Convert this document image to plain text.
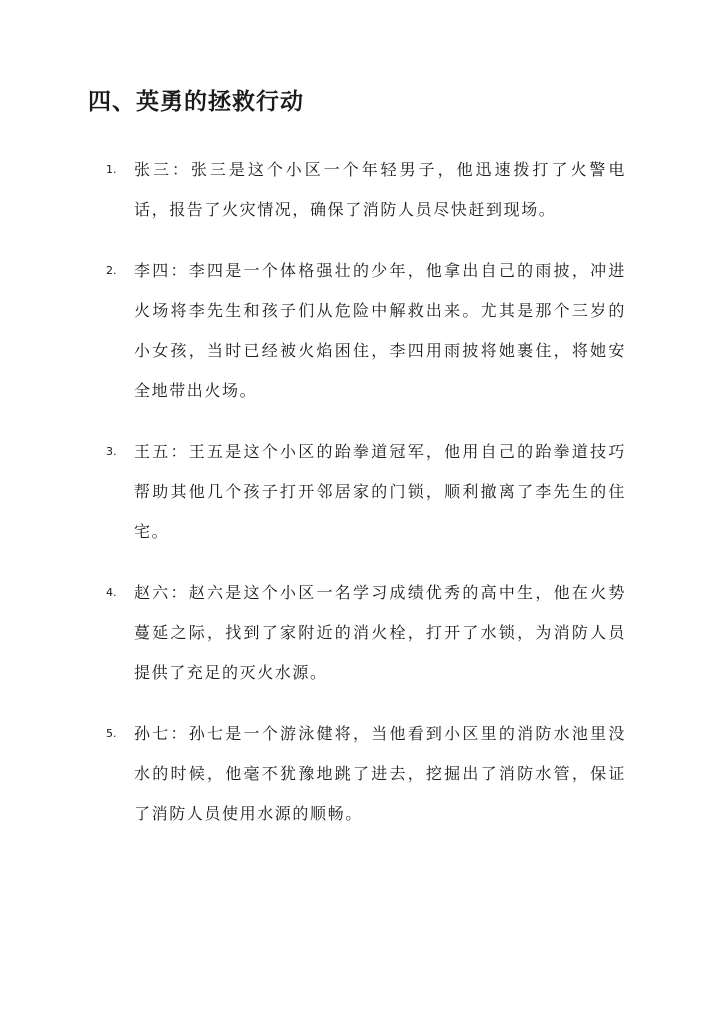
四、英勇的拯救行动
1.	张三：张三是这个小区一个年轻男子，他迅速拨打了火警电话，报告了火灾情况，确保了消防人员尽快赶到现场。
2.	李四：李四是一个体格强壮的少年，他拿出自己的雨披，冲进火场将李先生和孩子们从危险中解救出来。尤其是那个三岁的小女孩，当时已经被火焰困住，李四用雨披将她裹住，将她安全地带出火场。
3.	王五：王五是这个小区的跆拳道冠军，他用自己的跆拳道技巧帮助其他几个孩子打开邻居家的门锁，顺利撤离了李先生的住宅。
4.	赵六：赵六是这个小区一名学习成绩优秀的高中生，他在火势蔓延之际，找到了家附近的消火栓，打开了水锁，为消防人员提供了充足的灭火水源。
5.	孙七：孙七是一个游泳健将，当他看到小区里的消防水池里没水的时候，他毫不犹豫地跳了进去，挖掘出了消防水管，保证了消防人员使用水源的顺畅。
